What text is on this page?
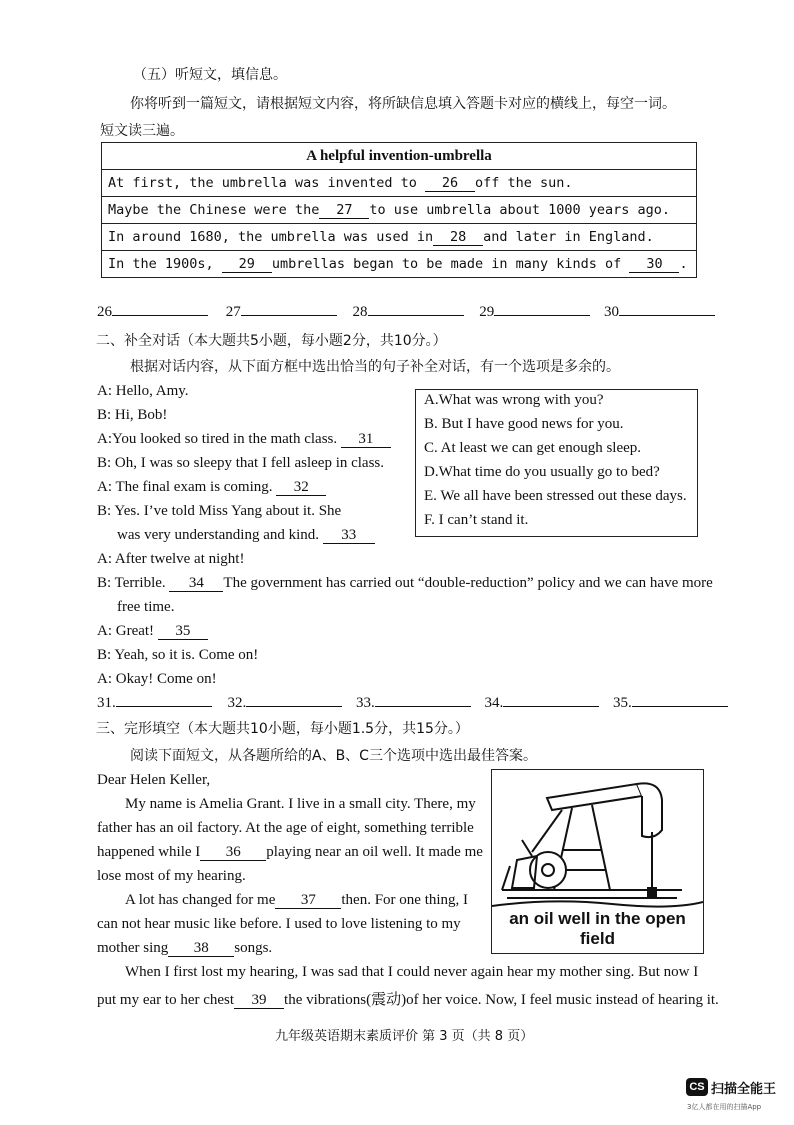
（五）听短文，填信息。
你将听到一篇短文，请根据短文内容，将所缺信息填入答题卡对应的横线上，每空一词。
短文读三遍。
A helpful invention-umbrella
At first, the umbrella was invented to 26 off the sun.
Maybe the Chinese were the 27 to use umbrella about 1000 years ago.
In around 1680, the umbrella was used in 28 and later in England.
In the 1900s, 29 umbrellas began to be made in many kinds of 30 .
26	27	28	29	30
二、补全对话（本大题共5小题，每小题2分，共10分。）
根据对话内容，从下面方框中选出恰当的句子补全对话，有一个选项是多余的。
A: Hello, Amy.
B: Hi, Bob!
A:You looked so tired in the math class. 31
B: Oh, I was so sleepy that I fell asleep in class.
A: The final exam is coming. 32
B: Yes. I’ve told Miss Yang about it. She
was very understanding and kind. 33
A: After twelve at night!
B: Terrible. 34 The government has carried out “double-reduction” policy and we can have more
free time.
A: Great! 35
B: Yeah, so it is. Come on!
A: Okay! Come on!
A.What was wrong with you?
B. But I have good news for you.
C. At least we can get enough sleep.
D.What time do you usually go to bed?
E. We all have been stressed out these days.
F. I can’t stand it.
31.	32.	33.	34.	35.
三、完形填空（本大题共10小题，每小题1.5分，共15分。）
阅读下面短文，从各题所给的A、B、C三个选项中选出最佳答案。
Dear Helen Keller,
My name is Amelia Grant. I live in a small city. There, my
father has an oil factory. At the age of eight, something terrible
happened while I 36 playing near an oil well. It made me
lose most of my hearing.
A lot has changed for me 37 then. For one thing, I
can not hear music like before. I used to love listening to my
mother sing 38 songs.
When I first lost my hearing, I was sad that I could never again hear my mother sing. But now I
put my ear to her chest 39 the vibrations(震动)of her voice. Now, I feel music instead of hearing it.
an oil well in the open field
九年级英语期末素质评价 第 3 页（共 8 页）
CS 扫描全能王
3亿人都在用的扫描App
